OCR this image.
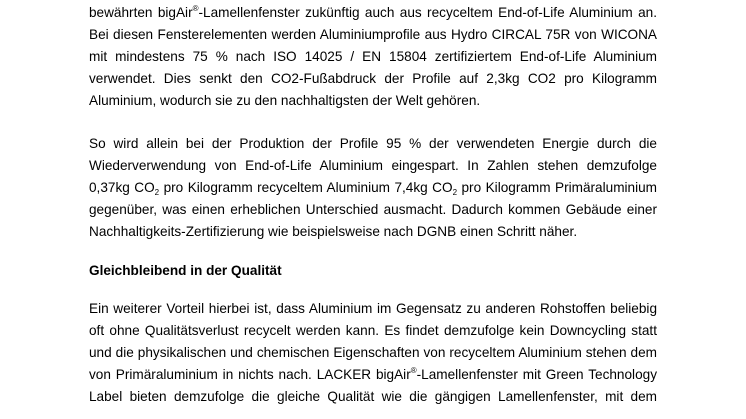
bewährten bigAir®-Lamellenfenster zukünftig auch aus recyceltem End-of-Life Aluminium an.
Bei diesen Fensterelementen werden Aluminiumprofile aus Hydro CIRCAL 75R von WICONA
mit mindestens 75 % nach ISO 14025 / EN 15804 zertifiziertem End-of-Life Aluminium
verwendet. Dies senkt den CO2-Fußabdruck der Profile auf 2,3kg CO2 pro Kilogramm
Aluminium, wodurch sie zu den nachhaltigsten der Welt gehören.
So wird allein bei der Produktion der Profile 95 % der verwendeten Energie durch die
Wiederverwendung von End-of-Life Aluminium eingespart. In Zahlen stehen demzufolge
0,37kg $CO_2$ pro Kilogramm recyceltem Aluminium 7,4kg $CO_2$ pro Kilogramm Primäraluminium
gegenüber, was einen erheblichen Unterschied ausmacht. Dadurch kommen Gebäude einer
Nachhaltigkeits-Zertifizierung wie beispielsweise nach DGNB einen Schritt näher.
Gleichbleibend in der Qualität
Ein weiterer Vorteil hierbei ist, dass Aluminium im Gegensatz zu anderen Rohstoffen beliebig
oft ohne Qualitätsverlust recycelt werden kann. Es findet demzufolge kein Downcycling statt
und die physikalischen und chemischen Eigenschaften von recyceltem Aluminium stehen dem
von Primäraluminium in nichts nach. LACKER bigAir®-Lamellenfenster mit Green Technology
Label bieten demzufolge die gleiche Qualität wie die gängigen Lamellenfenster, mit dem
